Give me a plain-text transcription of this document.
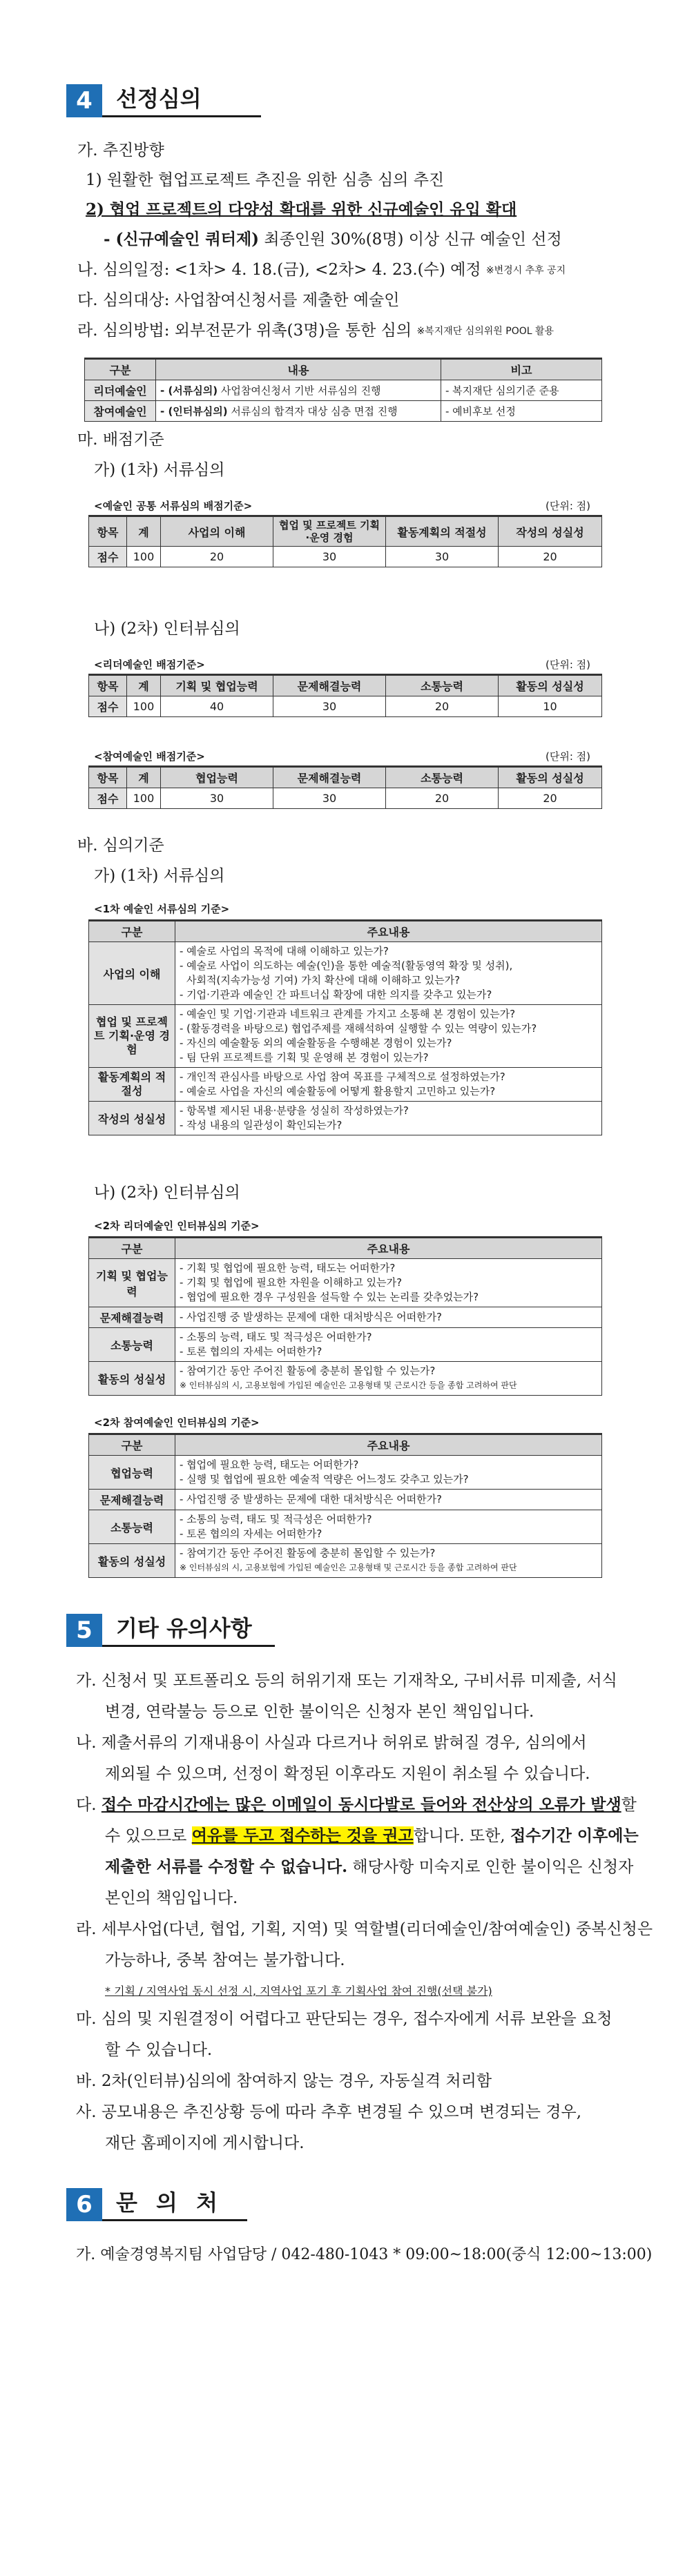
4	선정심의
가. 추진방향
1) 원활한 협업프로젝트 추진을 위한 심층 심의 추진
2) 협업 프로젝트의 다양성 확대를 위한 신규예술인 유입 확대
- (신규예술인 쿼터제) 최종인원 30%(8명) 이상 신규 예술인 선정
나. 심의일정: <1차> 4. 18.(금), <2차> 4. 23.(수) 예정 ※변경시 추후 공지
다. 심의대상: 사업참여신청서를 제출한 예술인
라. 심의방법: 외부전문가 위촉(3명)을 통한 심의 ※복지재단 심의위원 POOL 활용
구분	내용	비고
리더예술인	- (서류심의) 사업참여신청서 기반 서류심의 진행	- 복지재단 심의기준 준용
참여예술인	- (인터뷰심의) 서류심의 합격자 대상 심층 면접 진행	- 예비후보 선정
마. 배점기준
가) (1차) 서류심의
<예술인 공통 서류심의 배점기준>	(단위: 점)
항목	계	사업의 이해	협업 및 프로젝트 기획·운영 경험	활동계획의 적절성	작성의 성실성
점수	100	20	30	30	20
나) (2차) 인터뷰심의
<리더예술인 배점기준>	(단위: 점)
항목	계	기획 및 협업능력	문제해결능력	소통능력	활동의 성실성
점수	100	40	30	20	10
<참여예술인 배점기준>	(단위: 점)
항목	계	협업능력	문제해결능력	소통능력	활동의 성실성
점수	100	30	30	20	20
바. 심의기준
가) (1차) 서류심의
<1차 예술인 서류심의 기준>
구분	주요내용
사업의 이해	- 예술로 사업의 목적에 대해 이해하고 있는가?
- 예술로 사업이 의도하는 예술(인)을 통한 예술적(활동영역 확장 및 성취),
사회적(지속가능성 기여) 가치 확산에 대해 이해하고 있는가?
- 기업·기관과 예술인 간 파트너십 확장에 대한 의지를 갖추고 있는가?

협업 및 프로젝트 기획·운영 경험	- 예술인 및 기업·기관과 네트워크 관계를 가지고 소통해 본 경험이 있는가?
- (활동경력을 바탕으로) 협업주제를 재해석하여 실행할 수 있는 역량이 있는가?
- 자신의 예술활동 외의 예술활동을 수행해본 경험이 있는가?
- 팀 단위 프로젝트를 기획 및 운영해 본 경험이 있는가?

활동계획의 적절성	- 개인적 관심사를 바탕으로 사업 참여 목표를 구체적으로 설정하였는가?
- 예술로 사업을 자신의 예술활동에 어떻게 활용할지 고민하고 있는가?

작성의 성실성	- 항목별 제시된 내용·분량을 성실히 작성하였는가?
- 작성 내용의 일관성이 확인되는가?
나) (2차) 인터뷰심의
<2차 리더예술인 인터뷰심의 기준>
구분	주요내용
기획 및 협업능력	- 기획 및 협업에 필요한 능력, 태도는 어떠한가?
- 기획 및 협업에 필요한 자원을 이해하고 있는가?
- 협업에 필요한 경우 구성원을 설득할 수 있는 논리를 갖추었는가?

문제해결능력	- 사업진행 중 발생하는 문제에 대한 대처방식은 어떠한가?

소통능력	- 소통의 능력, 태도 및 적극성은 어떠한가?
- 토론 협의의 자세는 어떠한가?

활동의 성실성	- 참여기간 동안 주어진 활동에 충분히 몰입할 수 있는가?
※ 인터뷰심의 시, 고용보험에 가입된 예술인은 고용형태 및 근로시간 등을 종합 고려하여 판단
<2차 참여예술인 인터뷰심의 기준>
구분	주요내용
협업능력	- 협업에 필요한 능력, 태도는 어떠한가?
- 실행 및 협업에 필요한 예술적 역량은 어느정도 갖추고 있는가?

문제해결능력	- 사업진행 중 발생하는 문제에 대한 대처방식은 어떠한가?

소통능력	- 소통의 능력, 태도 및 적극성은 어떠한가?
- 토론 협의의 자세는 어떠한가?

활동의 성실성	- 참여기간 동안 주어진 활동에 충분히 몰입할 수 있는가?
※ 인터뷰심의 시, 고용보험에 가입된 예술인은 고용형태 및 근로시간 등을 종합 고려하여 판단
5	기타 유의사항
가. 신청서 및 포트폴리오 등의 허위기재 또는 기재착오, 구비서류 미제출, 서식
변경, 연락불능 등으로 인한 불이익은 신청자 본인 책임입니다.
나. 제출서류의 기재내용이 사실과 다르거나 허위로 밝혀질 경우, 심의에서
제외될 수 있으며, 선정이 확정된 이후라도 지원이 취소될 수 있습니다.
다. 접수 마감시간에는 많은 이메일이 동시다발로 들어와 전산상의 오류가 발생할
수 있으므로 여유를 두고 접수하는 것을 권고합니다. 또한, 접수기간 이후에는
제출한 서류를 수정할 수 없습니다. 해당사항 미숙지로 인한 불이익은 신청자
본인의 책임입니다.
라. 세부사업(다년, 협업, 기획, 지역) 및 역할별(리더예술인/참여예술인) 중복신청은
가능하나, 중복 참여는 불가합니다.
* 기획 / 지역사업 동시 선정 시, 지역사업 포기 후 기획사업 참여 진행(선택 불가)
마. 심의 및 지원결정이 어렵다고 판단되는 경우, 접수자에게 서류 보완을 요청
할 수 있습니다.
바. 2차(인터뷰)심의에 참여하지 않는 경우, 자동실격 처리함
사. 공모내용은 추진상황 등에 따라 추후 변경될 수 있으며 변경되는 경우,
재단 홈페이지에 게시합니다.
6	문 의 처
가. 예술경영복지팀 사업담당 / 042-480-1043 * 09:00~18:00(중식 12:00~13:00)
